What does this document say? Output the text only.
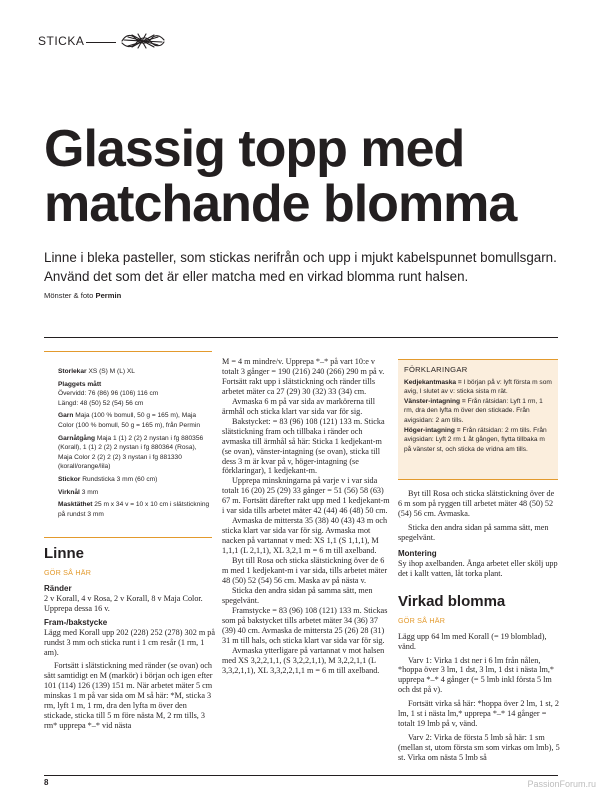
STICKA
Glassig topp med matchande blomma

Linne i bleka pasteller, som stickas nerifrån och upp i mjukt kabelspunnet bomullsgarn. Använd det som det är eller matcha med en virkad blomma runt halsen.

Mönster & foto Permin
Storlekar XS (S) M (L) XL
Plaggets mått
Övervidd: 76 (86) 96 (106) 116 cm
Längd: 48 (50) 52 (54) 56 cm
Garn Maja (100 % bomull, 50 g = 165 m), Maja Color (100 % bomull, 50 g = 165 m), från Permin
Garnåtgång Maja 1 (1) 2 (2) 2 nystan i fg 880356 (Korall), 1 (1) 2 (2) 2 nystan i fg 880364 (Rosa), Maja Color 2 (2) 2 (2) 3 nystan i fg 881330 (korall/orange/lila)
Stickor Rundsticka 3 mm (60 cm)
Virknål 3 mm
Masktäthet 25 m x 34 v = 10 x 10 cm i slätstickning på rundst 3 mm
Linne
GÖR SÅ HÄR
Ränder

2 v Korall, 4 v Rosa, 2 v Korall, 8 v Maja Color. Upprepa dessa 16 v.

Fram-/bakstycke

Lägg med Korall upp 202 (228) 252 (278) 302 m på rundst 3 mm och sticka runt i 1 cm resår (1 rm, 1 am).

Fortsätt i slätstickning med ränder (se ovan) och sätt samtidigt en M (markör) i början och igen efter 101 (114) 126 (139) 151 m. När arbetet mäter 5 cm minskas 1 m på var sida om M så här: *M, sticka 3 rm, lyft 1 m, 1 rm, dra den lyfta m över den stickade, sticka till 5 m före nästa M, 2 rm tills, 3 rm* upprepa *–* vid nästa

M = 4 m mindre/v. Upprepa *–* på vart 10:e v totalt 3 gånger = 190 (216) 240 (266) 290 m på v. Fortsätt rakt upp i slätstickning och ränder tills arbetet mäter ca 27 (29) 30 (32) 33 (34) cm.

Avmaska 6 m på var sida av markörerna till ärmhål och sticka klart var sida var för sig.

Bakstycket: = 83 (96) 108 (121) 133 m. Sticka slätstickning fram och tillbaka i ränder och avmaska till ärmhål så här: Sticka 1 kedjekant-m (se ovan), vänster-intagning (se ovan), sticka till dess 3 m är kvar på v, höger-intagning (se förklaringar), 1 kedjekant-m.

Upprepa minskningarna på varje v i var sida totalt 16 (20) 25 (29) 33 gånger = 51 (56) 58 (63) 67 m. Fortsätt därefter rakt upp med 1 kedjekant-m i var sida tills arbetet mäter 42 (44) 46 (48) 50 cm.

Avmaska de mittersta 35 (38) 40 (43) 43 m och sticka klart var sida var för sig. Avmaska mot nacken på vartannat v med: XS 1,1 (S 1,1,1), M 1,1,1 (L 2,1,1), XL 3,2,1 m = 6 m till axelband.

Byt till Rosa och sticka slätstickning över de 6 m med 1 kedjekant-m i var sida, tills arbetet mäter 48 (50) 52 (54) 56 cm. Maska av på nästa v.

Sticka den andra sidan på samma sätt, men spegelvänt.

Framstycke = 83 (96) 108 (121) 133 m. Stickas som på bakstycket tills arbetet mäter 34 (36) 37 (39) 40 cm. Avmaska de mittersta 25 (26) 28 (31) 31 m till hals, och sticka klart var sida var för sig.

Avmaska ytterligare på vartannat v mot halsen med XS 3,2,2,1,1, (S 3,2,2,1,1), M 3,2,2,1,1 (L 3,3,2,1,1), XL 3,3,2,2,1,1 m = 6 m till axelband.

FÖRKLARINGAR
Kedjekantmaska = I början på v: lyft första m som avig, I slutet av v: sticka sista m rät.
Vänster-intagning = Från rätsidan: Lyft 1 rm, 1 rm, dra den lyfta m över den stickade. Från avigsidan: 2 am tills.
Höger-intagning = Från rätsidan: 2 rm tills. Från avigsidan: Lyft 2 rm 1 åt gången, flytta tillbaka m på vänster st, och sticka de vridna am tills.

Byt till Rosa och sticka slätstickning över de 6 m som på ryggen till arbetet mäter 48 (50) 52 (54) 56 cm. Avmaska.

Sticka den andra sidan på samma sätt, men spegelvänt.

Montering

Sy ihop axelbanden. Ånga arbetet eller skölj upp det i kallt vatten, låt torka plant.

Virkad blomma
GÖR SÅ HÄR

Lägg upp 64 lm med Korall (= 19 blomblad), vänd.

Varv 1: Virka 1 dst ner i 6 lm från nålen, *hoppa över 3 lm, 1 dst, 3 lm, 1 dst i nästa lm,* upprepa *–* 4 gånger (= 5 lmb inkl första 5 lm och dst på v).

Fortsätt virka så här: *hoppa över 2 lm, 1 st, 2 lm, 1 st i nästa lm,* upprepa *–* 14 gånger = totalt 19 lmb på v, vänd.

Varv 2: Virka de första 5 lmb så här: 1 sm (mellan st, utom första sm som virkas om lmb), 5 st. Virka om nästa 5 lmb så

8	PassionForum.ru
